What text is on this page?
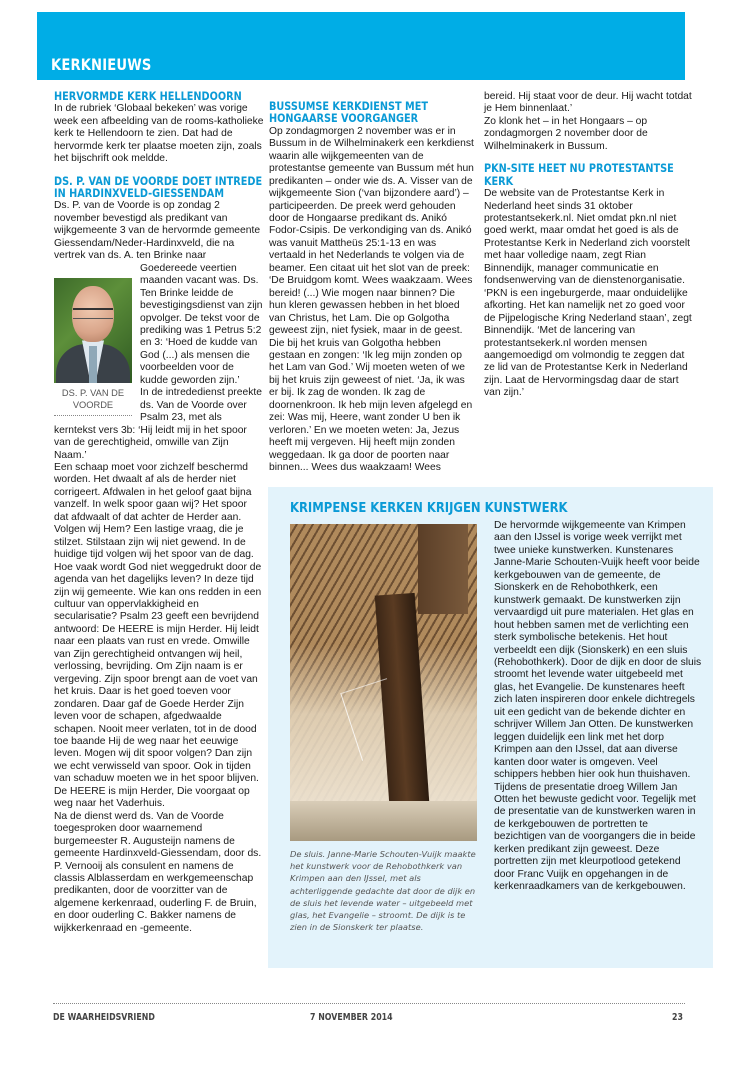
KERKNIEUWS
HERVORMDE KERK HELLENDOORN

In de rubriek ‘Globaal bekeken’ was vorige week een afbeelding van de rooms-katholieke kerk te Hellendoorn te zien. Dat had de hervormde kerk ter plaatse moeten zijn, zoals het bijschrift ook meldde.

DS. P. VAN DE VOORDE DOET INTREDE IN HARDINXVELD-GIESSENDAM
DS. P. VAN DE VOORDE

Ds. P. van de Voorde is op zondag 2 november bevestigd als predikant van wijkgemeente 3 van de hervormde gemeente Giessendam/Neder-Hardinxveld, die na vertrek van ds. A. ten Brinke naar Goedereede veertien maanden vacant was. Ds. Ten Brinke leidde de bevestigingsdienst van zijn opvolger. De tekst voor de prediking was 1 Petrus 5:2 en 3: ‘Hoed de kudde van God (...) als mensen die voorbeelden voor de kudde geworden zijn.’

In de intrededienst preekte ds. Van de Voorde over Psalm 23, met als kerntekst vers 3b: ‘Hij leidt mij in het spoor van de gerechtigheid, omwille van Zijn Naam.’

Een schaap moet voor zichzelf beschermd worden. Het dwaalt af als de herder niet corrigeert. Afdwalen in het geloof gaat bijna vanzelf. In welk spoor gaan wij? Het spoor dat afdwaalt of dat achter de Herder aan. Volgen wij Hem? Een lastige vraag, die je stilzet. Stilstaan zijn wij niet gewend. In de huidige tijd volgen wij het spoor van de dag. Hoe vaak wordt God niet weggedrukt door de agenda van het dagelijks leven? In deze tijd zijn wij gemeente. Wie kan ons redden in een cultuur van oppervlakkigheid en secularisatie? Psalm 23 geeft een bevrijdend antwoord: De HEERE is mijn Herder. Hij leidt naar een plaats van rust en vrede. Omwille van Zijn gerechtigheid ontvangen wij heil, verlossing, bevrijding. Om Zijn naam is er vergeving. Zijn spoor brengt aan de voet van het kruis. Daar is het goed toeven voor zondaren. Daar gaf de Goede Herder Zijn leven voor de schapen, afgedwaalde schapen. Nooit meer verlaten, tot in de dood toe baande Hij de weg naar het eeuwige leven. Mogen wij dit spoor volgen? Dan zijn we echt verwisseld van spoor. Ook in tijden van schaduw moeten we in het spoor blijven. De HEERE is mijn Herder, Die voorgaat op weg naar het Vaderhuis.

Na de dienst werd ds. Van de Voorde toegesproken door waarnemend burgemeester R. Augusteijn namens de gemeente Hardinxveld-Giessendam, door ds. P. Vernooij als consulent en namens de classis Alblasserdam en werkgemeenschap predikanten, door de voorzitter van de algemene kerkenraad, ouderling F. de Bruin, en door ouderling C. Bakker namens de wijkkerkenraad en -gemeente.

BUSSUMSE KERKDIENST MET HONGAARSE VOORGANGER

Op zondagmorgen 2 november was er in Bussum in de Wilhelminakerk een kerkdienst waarin alle wijkgemeenten van de protestantse gemeente van Bussum mét hun predikanten – onder wie ds. A. Visser van de wijkgemeente Sion (‘van bijzondere aard’) – participeerden. De preek werd gehouden door de Hongaarse predikant ds. Anikó Fodor-Csipis. De verkondiging van ds. Anikó was vanuit Mattheüs 25:1-13 en was vertaald in het Nederlands te volgen via de beamer. Een citaat uit het slot van de preek: ‘De Bruidgom komt. Wees waakzaam. Wees bereid! (...) Wie mogen naar binnen? Die hun kleren gewassen hebben in het bloed van Christus, het Lam. Die op Golgotha geweest zijn, niet fysiek, maar in de geest. Die bij het kruis van Golgotha hebben gestaan en zongen: ‘Ik leg mijn zonden op het Lam van God.’ Wij moeten weten of we bij het kruis zijn geweest of niet. ‘Ja, ik was er bij. Ik zag de wonden. Ik zag de doornenkroon. Ik heb mijn leven afgelegd en zei: Was mij, Heere, want zonder U ben ik verloren.’ En we moeten weten: Ja, Jezus heeft mij vergeven. Hij heeft mijn zonden weggedaan. Ik ga door de poorten naar binnen... Wees dus waakzaam! Wees

bereid. Hij staat voor de deur. Hij wacht totdat je Hem binnenlaat.’

Zo klonk het – in het Hongaars – op zondagmorgen 2 november door de Wilhelminakerk in Bussum.

PKN-SITE HEET NU PROTESTANTSE KERK

De website van de Protestantse Kerk in Nederland heet sinds 31 oktober protestantsekerk.nl. Niet omdat pkn.nl niet goed werkt, maar omdat het goed is als de Protestantse Kerk in Nederland zich voorstelt met haar volledige naam, zegt Rian Binnendijk, manager communicatie en fondsenwerving van de dienstenorganisatie. ‘PKN is een ingeburgerde, maar onduidelijke afkorting. Het kan namelijk net zo goed voor de Pijpelogische Kring Nederland staan’, zegt Binnendijk. ‘Met de lancering van protestantsekerk.nl worden mensen aangemoedigd om volmondig te zeggen dat ze lid van de Protestantse Kerk in Nederland zijn. Laat de Hervormingsdag daar de start van zijn.’

KRIMPENSE KERKEN KRIJGEN KUNSTWERK
De sluis. Janne-Marie Schouten-Vuijk maakte het kunstwerk voor de Rehobothkerk van Krimpen aan den IJssel, met als achterliggende gedachte dat door de dijk en de sluis het levende water – uitgebeeld met glas, het Evangelie – stroomt. De dijk is te zien in de Sionskerk ter plaatse.
De hervormde wijkgemeente van Krimpen aan den IJssel is vorige week verrijkt met twee unieke kunstwerken. Kunstenares Janne-Marie Schouten-Vuijk heeft voor beide kerkgebouwen van de gemeente, de Sionskerk en de Rehobothkerk, een kunstwerk gemaakt. De kunstwerken zijn vervaardigd uit pure materialen. Het glas en hout hebben samen met de verlichting een sterk symbolische betekenis. Het hout verbeeldt een dijk (Sionskerk) en een sluis (Rehobothkerk). Door de dijk en door de sluis stroomt het levende water uitgebeeld met glas, het Evangelie. De kunstenares heeft zich laten inspireren door enkele dichtregels uit een gedicht van de bekende dichter en schrijver Willem Jan Otten. De kunstwerken leggen duidelijk een link met het dorp Krimpen aan den IJssel, dat aan diverse kanten door water is omgeven. Veel schippers hebben hier ook hun thuishaven. Tijdens de presentatie droeg Willem Jan Otten het bewuste gedicht voor. Tegelijk met de presentatie van de kunstwerken waren in de kerkgebouwen de portretten te bezichtigen van de voorgangers die in beide kerken predikant zijn geweest. Deze portretten zijn met kleurpotlood getekend door Franc Vuijk en opgehangen in de kerkenraadkamers van de kerkgebouwen.
DE WAARHEIDSVRIEND	7 NOVEMBER 2014	23
